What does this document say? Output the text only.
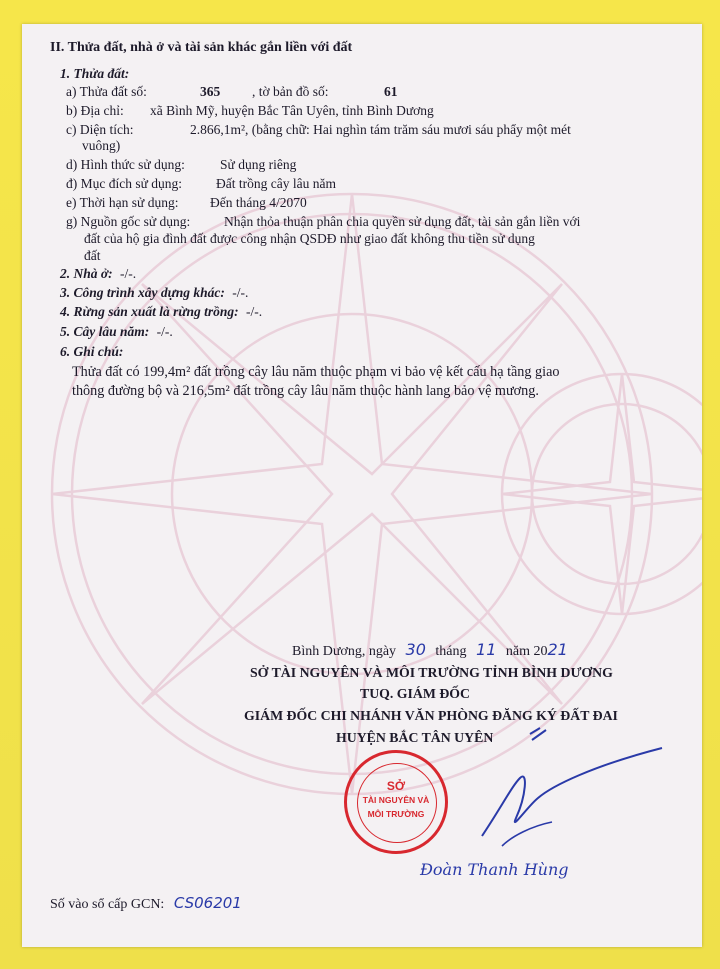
II. Thửa đất, nhà ở và tài sản khác gắn liền với đất
1. Thửa đất:
a) Thửa đất số:	365 , tờ bản đồ số:	61
b) Địa chỉ: xã Bình Mỹ, huyện Bắc Tân Uyên, tỉnh Bình Dương
c) Diện tích:	2.866,1m², (bằng chữ: Hai nghìn tám trăm sáu mươi sáu phẩy một mét
vuông)
d) Hình thức sử dụng:	Sử dụng riêng
đ) Mục đích sử dụng:	Đất trồng cây lâu năm
e) Thời hạn sử dụng: Đến tháng 4/2070
g) Nguồn gốc sử dụng: Nhận thỏa thuận phân chia quyền sử dụng đất, tài sản gắn liền với
đất của hộ gia đình đất được công nhận QSDĐ như giao đất không thu tiền sử dụng
đất
2. Nhà ở: -/-.
3. Công trình xây dựng khác: -/-.
4. Rừng sản xuất là rừng trồng: -/-.
5. Cây lâu năm: -/-.
6. Ghi chú:
Thửa đất có 199,4m² đất trồng cây lâu năm thuộc phạm vi bảo vệ kết cấu hạ tầng giao
thông đường bộ và 216,5m² đất trồng cây lâu năm thuộc hành lang bảo vệ mương.
Bình Dương, ngày 30 tháng 11 năm 2021
SỞ TÀI NGUYÊN VÀ MÔI TRƯỜNG TỈNH BÌNH DƯƠNG
TUQ. GIÁM ĐỐC
GIÁM ĐỐC CHI NHÁNH VĂN PHÒNG ĐĂNG KÝ ĐẤT ĐAI
HUYỆN BẮC TÂN UYÊN
SỞ
TÀI NGUYÊN VÀ
MÔI TRƯỜNG
Đoàn Thanh Hùng
Số vào sổ cấp GCN: CS06201
